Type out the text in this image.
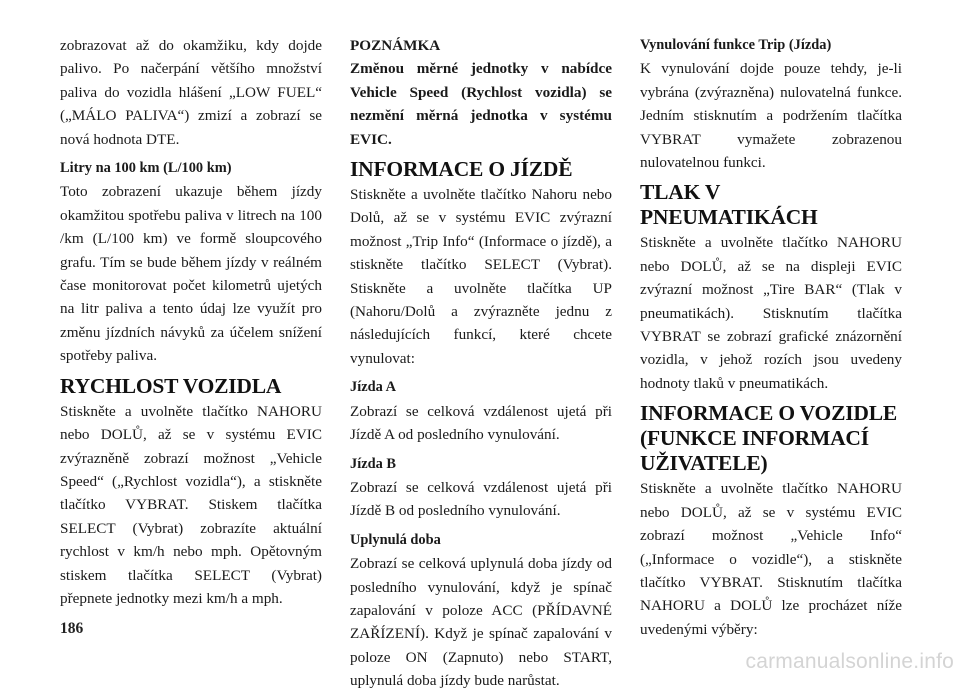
zobrazovat až do okamžiku, kdy dojde palivo. Po načerpání většího množství paliva do vozidla hlášení „LOW FUEL“ („MÁLO PALIVA“) zmizí a zobrazí se nová hodnota DTE.

Litry na 100 km (L/100 km)

Toto zobrazení ukazuje během jízdy okamžitou spotřebu paliva v litrech na 100 /km (L/100 km) ve formě sloupcového grafu. Tím se bude během jízdy v reálném čase monitorovat počet kilometrů ujetých na litr paliva a tento údaj lze využít pro změnu jízdních návyků za účelem snížení spotřeby paliva.

RYCHLOST VOZIDLA

Stiskněte a uvolněte tlačítko NAHORU nebo DOLŮ, až se v systému EVIC zvýrazněně zobrazí možnost „Vehicle Speed“ („Rychlost vozidla“), a stiskněte tlačítko VYBRAT. Stiskem tlačítka SELECT (Vybrat) zobrazíte aktuální rychlost v km/h nebo mph. Opětovným stiskem tlačítka SELECT (Vybrat) přepnete jednotky mezi km/h a mph.

POZNÁMKA

Změnou měrné jednotky v nabídce Vehicle Speed (Rychlost vozidla) se nezmění měrná jednotka v systému EVIC.

INFORMACE O JÍZDĚ

Stiskněte a uvolněte tlačítko Nahoru nebo Dolů, až se v systému EVIC zvýrazní možnost „Trip Info“ (Informace o jízdě), a stiskněte tlačítko SELECT (Vybrat). Stiskněte a uvolněte tlačítka UP (Nahoru/Dolů a zvýrazněte jednu z následujících funkcí, které chcete vynulovat:

Jízda A

Zobrazí se celková vzdálenost ujetá při Jízdě A od posledního vynulování.

Jízda B

Zobrazí se celková vzdálenost ujetá při Jízdě B od posledního vynulování.

Uplynulá doba

Zobrazí se celková uplynulá doba jízdy od posledního vynulování, když je spínač zapalování v poloze ACC (PŘÍDAVNÉ ZAŘÍZENÍ). Když je spínač zapalování v poloze ON (Zapnuto) nebo START, uplynulá doba jízdy bude narůstat.

Vynulování funkce Trip (Jízda)

K vynulování dojde pouze tehdy, je-li vybrána (zvýrazněna) nulovatelná funkce. Jedním stisknutím a podržením tlačítka VYBRAT vymažete zobrazenou nulovatelnou funkci.

TLAK V PNEUMATIKÁCH

Stiskněte a uvolněte tlačítko NAHORU nebo DOLŮ, až se na displeji EVIC zvýrazní možnost „Tire BAR“ (Tlak v pneumatikách). Stisknutím tlačítka VYBRAT se zobrazí grafické znázornění vozidla, v jehož rozích jsou uvedeny hodnoty tlaků v pneumatikách.

INFORMACE O VOZIDLE (FUNKCE INFORMACÍ UŽIVATELE)

Stiskněte a uvolněte tlačítko NAHORU nebo DOLŮ, až se v systému EVIC zobrazí možnost „Vehicle Info“ („Informace o vozidle“), a stiskněte tlačítko VYBRAT. Stisknutím tlačítka NAHORU a DOLŮ lze procházet níže uvedenými výběry:

186
carmanualsonline.info
